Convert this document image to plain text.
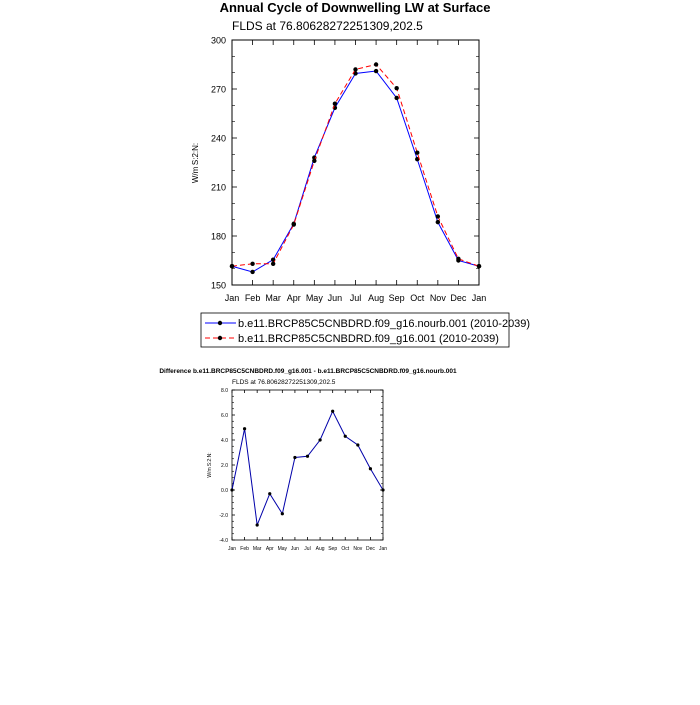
Annual Cycle of Downwelling LW at Surface
FLDS at 76.80628272251309,202.5
W/m S:2:N:
150
180
210
240
270
300
Jan Feb Mar Apr May Jun Jul Aug Sep Oct Nov Dec Jan
b.e11.BRCP85C5CNBDRD.f09_g16.nourb.001 (2010-2039)
b.e11.BRCP85C5CNBDRD.f09_g16.001 (2010-2039)
Difference b.e11.BRCP85C5CNBDRD.f09_g16.001 - b.e11.BRCP85C5CNBDRD.f09_g16.nourb.001
FLDS at 76.80628272251309,202.5
W/m S:2:N:
-4.0
-2.0
0.0
2.0
4.0
6.0
8.0
Jan Feb Mar Apr May Jun Jul Aug Sep Oct Nov Dec Jan
